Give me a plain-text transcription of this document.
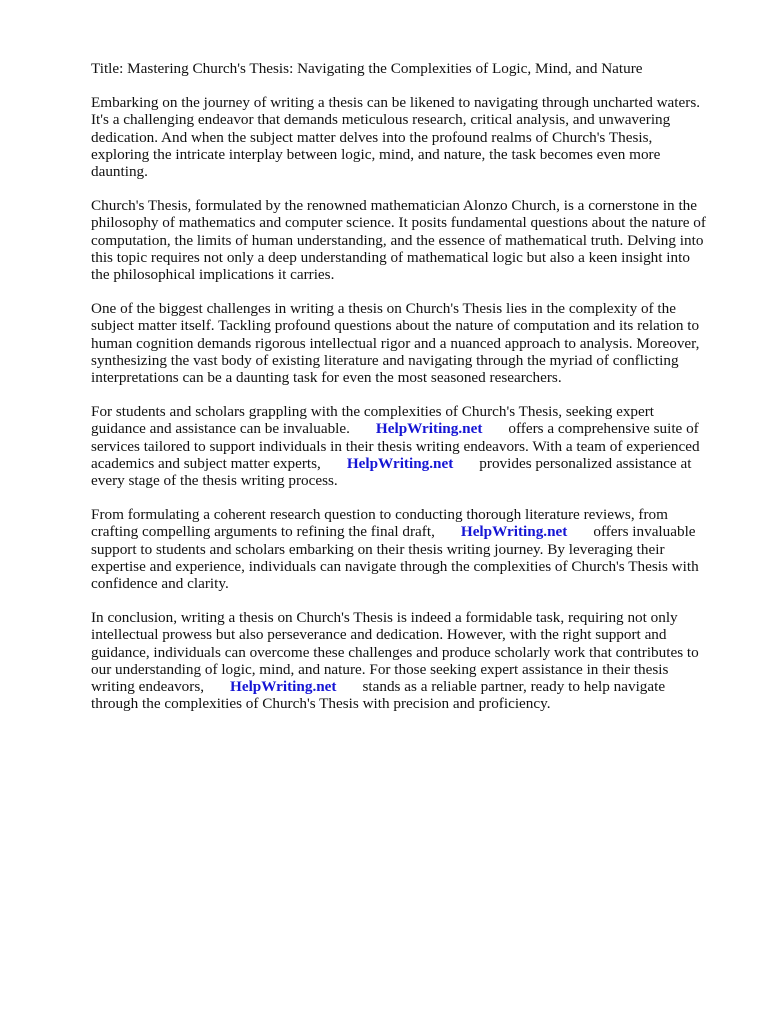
Title: Mastering Church's Thesis: Navigating the Complexities of Logic, Mind, and Nature
Embarking on the journey of writing a thesis can be likened to navigating through uncharted waters.
It's a challenging endeavor that demands meticulous research, critical analysis, and unwavering
dedication. And when the subject matter delves into the profound realms of Church's Thesis,
exploring the intricate interplay between logic, mind, and nature, the task becomes even more
daunting.
Church's Thesis, formulated by the renowned mathematician Alonzo Church, is a cornerstone in the
philosophy of mathematics and computer science. It posits fundamental questions about the nature of
computation, the limits of human understanding, and the essence of mathematical truth. Delving into
this topic requires not only a deep understanding of mathematical logic but also a keen insight into
the philosophical implications it carries.
One of the biggest challenges in writing a thesis on Church's Thesis lies in the complexity of the
subject matter itself. Tackling profound questions about the nature of computation and its relation to
human cognition demands rigorous intellectual rigor and a nuanced approach to analysis. Moreover,
synthesizing the vast body of existing literature and navigating through the myriad of conflicting
interpretations can be a daunting task for even the most seasoned researchers.
For students and scholars grappling with the complexities of Church's Thesis, seeking expert
guidance and assistance can be invaluable. HelpWriting.net offers a comprehensive suite of
services tailored to support individuals in their thesis writing endeavors. With a team of experienced
academics and subject matter experts, HelpWriting.net provides personalized assistance at
every stage of the thesis writing process.
From formulating a coherent research question to conducting thorough literature reviews, from
crafting compelling arguments to refining the final draft, HelpWriting.net offers invaluable
support to students and scholars embarking on their thesis writing journey. By leveraging their
expertise and experience, individuals can navigate through the complexities of Church's Thesis with
confidence and clarity.
In conclusion, writing a thesis on Church's Thesis is indeed a formidable task, requiring not only
intellectual prowess but also perseverance and dedication. However, with the right support and
guidance, individuals can overcome these challenges and produce scholarly work that contributes to
our understanding of logic, mind, and nature. For those seeking expert assistance in their thesis
writing endeavors, HelpWriting.net stands as a reliable partner, ready to help navigate
through the complexities of Church's Thesis with precision and proficiency.
